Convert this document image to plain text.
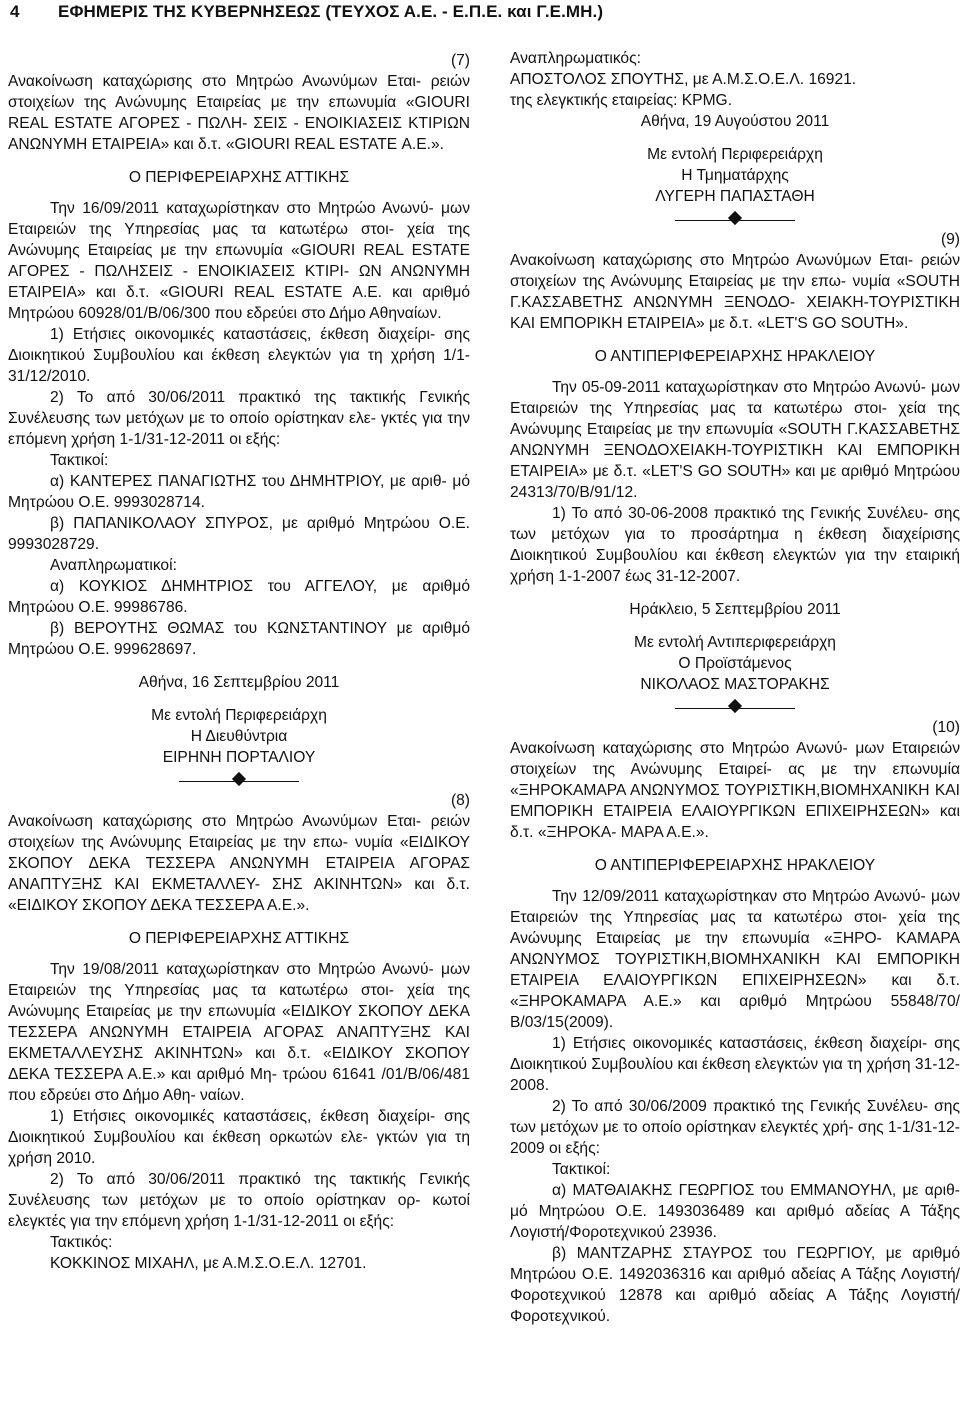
4 ΕΦΗΜΕΡΙΣ ΤΗΣ ΚΥΒΕΡΝΗΣΕΩΣ (ΤΕΥΧΟΣ Α.Ε. - Ε.Π.Ε. και Γ.Ε.ΜΗ.)

(7)

Ανακοίνωση καταχώρισης στο Μητρώο Ανωνύμων Εται- ρειών στοιχείων της Ανώνυμης Εταιρείας με την επωνυμία «GIOURI REAL ESTATE ΑΓΟΡΕΣ - ΠΩΛΗ- ΣΕΙΣ - ΕΝΟΙΚΙΑΣΕΙΣ ΚΤΙΡΙΩΝ ΑΝΩΝΥΜΗ ΕΤΑΙΡΕΙΑ» και δ.τ. «GIOURI REAL ESTATE Α.Ε.».

Ο ΠΕΡΙΦΕΡΕΙΑΡΧΗΣ ΑΤΤΙΚΗΣ

Την 16/09/2011 καταχωρίστηκαν στο Μητρώο Ανωνύ- μων Εταιρειών της Υπηρεσίας μας τα κατωτέρω στοι- χεία της Ανώνυμης Εταιρείας με την επωνυμία «GIOURI REAL ESTATE ΑΓΟΡΕΣ - ΠΩΛΗΣΕΙΣ - ΕΝΟΙΚΙΑΣΕΙΣ ΚΤΙΡΙ- ΩΝ ΑΝΩΝΥΜΗ ΕΤΑΙΡΕΙΑ» και δ.τ. «GIOURI REAL ESTATE Α.Ε. και αριθμό Μητρώου 60928/01/Β/06/300 που εδρεύει στο Δήμο Αθηναίων.

1) Ετήσιες οικονομικές καταστάσεις, έκθεση διαχείρι- σης Διοικητικού Συμβουλίου και έκθεση ελεγκτών για τη χρήση 1/1-31/12/2010.

2) Το από 30/06/2011 πρακτικό της τακτικής Γενικής Συνέλευσης των μετόχων με το οποίο ορίστηκαν ελε- γκτές για την επόμενη χρήση 1-1/31-12-2011 οι εξής:

Τακτικοί:

α) ΚΑΝΤΕΡΕΣ ΠΑΝΑΓΙΩΤΗΣ του ΔΗΜΗΤΡΙΟΥ, με αριθ- μό Μητρώου Ο.Ε. 9993028714.

β) ΠΑΠΑΝΙΚΟΛΑΟΥ ΣΠΥΡΟΣ, με αριθμό Μητρώου Ο.Ε. 9993028729.

Αναπληρωματικοί:

α) ΚΟΥΚΙΟΣ ΔΗΜΗΤΡΙΟΣ του ΑΓΓΕΛΟΥ, με αριθμό Μητρώου Ο.Ε. 99986786.

β) ΒΕΡΟΥΤΗΣ ΘΩΜΑΣ του ΚΩΝΣΤΑΝΤΙΝΟΥ με αριθμό Μητρώου Ο.Ε. 999628697.

Αθήνα, 16 Σεπτεμβρίου 2011

Με εντολή Περιφερειάρχη

Η Διευθύντρια

ΕΙΡΗΝΗ ΠΟΡΤΑΛΙΟΥ

(8)

Ανακοίνωση καταχώρισης στο Μητρώο Ανωνύμων Εται- ρειών στοιχείων της Ανώνυμης Εταιρείας με την επω- νυμία «ΕΙΔΙΚΟΥ ΣΚΟΠΟΥ ΔΕΚΑ ΤΕΣΣΕΡΑ ΑΝΩΝΥΜΗ ΕΤΑΙΡΕΙΑ ΑΓΟΡΑΣ ΑΝΑΠΤΥΞΗΣ ΚΑΙ ΕΚΜΕΤΑΛΛΕΥ- ΣΗΣ ΑΚΙΝΗΤΩΝ» και δ.τ. «ΕΙΔΙΚΟΥ ΣΚΟΠΟΥ ΔΕΚΑ ΤΕΣΣΕΡΑ Α.Ε.».

Ο ΠΕΡΙΦΕΡΕΙΑΡΧΗΣ ΑΤΤΙΚΗΣ

Την 19/08/2011 καταχωρίστηκαν στο Μητρώο Ανωνύ- μων Εταιρειών της Υπηρεσίας μας τα κατωτέρω στοι- χεία της Ανώνυμης Εταιρείας με την επωνυμία «ΕΙΔΙΚΟΥ ΣΚΟΠΟΥ ΔΕΚΑ ΤΕΣΣΕΡΑ ΑΝΩΝΥΜΗ ΕΤΑΙΡΕΙΑ ΑΓΟΡΑΣ ΑΝΑΠΤΥΞΗΣ ΚΑΙ ΕΚΜΕΤΑΛΛΕΥΣΗΣ ΑΚΙΝΗΤΩΝ» και δ.τ. «ΕΙΔΙΚΟΥ ΣΚΟΠΟΥ ΔΕΚΑ ΤΕΣΣΕΡΑ Α.Ε.» και αριθμό Μη- τρώου 61641 /01/Β/06/481 που εδρεύει στο Δήμο Αθη- ναίων.

1) Ετήσιες οικονομικές καταστάσεις, έκθεση διαχείρι- σης Διοικητικού Συμβουλίου και έκθεση ορκωτών ελε- γκτών για τη χρήση 2010.

2) Το από 30/06/2011 πρακτικό της τακτικής Γενικής Συνέλευσης των μετόχων με το οποίο ορίστηκαν ορ- κωτοί ελεγκτές για την επόμενη χρήση 1-1/31-12-2011 οι εξής:

Τακτικός:

ΚΟΚΚΙΝΟΣ ΜΙΧΑΗΛ, με Α.Μ.Σ.Ο.Ε.Λ. 12701.

Αναπληρωματικός:

ΑΠΟΣΤΟΛΟΣ ΣΠΟΥΤΗΣ, με Α.Μ.Σ.Ο.Ε.Λ. 16921.

της ελεγκτικής εταιρείας: KPMG.

Αθήνα, 19 Αυγούστου 2011

Με εντολή Περιφερειάρχη

Η Τμηματάρχης

ΛΥΓΕΡΗ ΠΑΠΑΣΤΑΘΗ

(9)

Ανακοίνωση καταχώρισης στο Μητρώο Ανωνύμων Εται- ρειών στοιχείων της Ανώνυμης Εταιρείας με την επω- νυμία «SOUTH Γ.ΚΑΣΣΑΒΕΤΗΣ ΑΝΩΝΥΜΗ ΞΕΝΟΔΟ- ΧΕΙΑΚΗ-ΤΟΥΡΙΣΤΙΚΗ ΚΑΙ ΕΜΠΟΡΙΚΗ ΕΤΑΙΡΕΙΑ» με δ.τ. «LET'S GO SOUTH».

Ο ΑΝΤΙΠΕΡΙΦΕΡΕΙΑΡΧΗΣ ΗΡΑΚΛΕΙΟΥ

Την 05-09-2011 καταχωρίστηκαν στο Μητρώο Ανωνύ- μων Εταιρειών της Υπηρεσίας μας τα κατωτέρω στοι- χεία της Ανώνυμης Εταιρείας με την επωνυμία «SOUTH Γ.ΚΑΣΣΑΒΕΤΗΣ ΑΝΩΝΥΜΗ ΞΕΝΟΔΟΧΕΙΑΚΗ-ΤΟΥΡΙΣΤΙΚΗ ΚΑΙ ΕΜΠΟΡΙΚΗ ΕΤΑΙΡΕΙΑ» με δ.τ. «LET'S GO SOUTH» και με αριθμό Μητρώου 24313/70/Β/91/12.

1) Το από 30-06-2008 πρακτικό της Γενικής Συνέλευ- σης των μετόχων για το προσάρτημα η έκθεση διαχείρισης Διοικητικού Συμβουλίου και έκθεση ελεγκτών για την εταιρική χρήση 1-1-2007 έως 31-12-2007.

Ηράκλειο, 5 Σεπτεμβρίου 2011

Με εντολή Αντιπεριφερειάρχη

Ο Προϊστάμενος

ΝΙΚΟΛΑΟΣ ΜΑΣΤΟΡΑΚΗΣ

(10)

Ανακοίνωση καταχώρισης στο Μητρώο Ανωνύ- μων Εταιρειών στοιχείων της Ανώνυμης Εταιρεί- ας με την επωνυμία «ΞΗΡΟΚΑΜΑΡΑ ΑΝΩΝΥΜΟΣ ΤΟΥΡΙΣΤΙΚΗ,ΒΙΟΜΗΧΑΝΙΚΗ ΚΑΙ ΕΜΠΟΡΙΚΗ ΕΤΑΙΡΕΙΑ ΕΛΑΙΟΥΡΓΙΚΩΝ ΕΠΙΧΕΙΡΗΣΕΩΝ» και δ.τ. «ΞΗΡΟΚΑ- ΜΑΡΑ Α.Ε.».

Ο ΑΝΤΙΠΕΡΙΦΕΡΕΙΑΡΧΗΣ ΗΡΑΚΛΕΙΟΥ

Την 12/09/2011 καταχωρίστηκαν στο Μητρώο Ανωνύ- μων Εταιρειών της Υπηρεσίας μας τα κατωτέρω στοι- χεία της Ανώνυμης Εταιρείας με την επωνυμία «ΞΗΡΟ- ΚΑΜΑΡΑ ΑΝΩΝΥΜΟΣ ΤΟΥΡΙΣΤΙΚΗ,ΒΙΟΜΗΧΑΝΙΚΗ ΚΑΙ ΕΜΠΟΡΙΚΗ ΕΤΑΙΡΕΙΑ ΕΛΑΙΟΥΡΓΙΚΩΝ ΕΠΙΧΕΙΡΗΣΕΩΝ» και δ.τ. «ΞΗΡΟΚΑΜΑΡΑ Α.Ε.» και αριθμό Μητρώου 55848/70/ Β/03/15(2009).

1) Ετήσιες οικονομικές καταστάσεις, έκθεση διαχείρι- σης Διοικητικού Συμβουλίου και έκθεση ελεγκτών για τη χρήση 31-12-2008.

2) Το από 30/06/2009 πρακτικό της Γενικής Συνέλευ- σης των μετόχων με το οποίο ορίστηκαν ελεγκτές χρή- σης 1-1/31-12-2009 οι εξής:

Τακτικοί:

α) ΜΑΤΘΑΙΑΚΗΣ ΓΕΩΡΓΙΟΣ του ΕΜΜΑΝΟΥΗΛ, με αριθ- μό Μητρώου Ο.Ε. 1493036489 και αριθμό αδείας Α Τάξης Λογιστή/Φοροτεχνικού 23936.

β) ΜΑΝΤΖΑΡΗΣ ΣΤΑΥΡΟΣ του ΓΕΩΡΓΙΟΥ, με αριθμό Μητρώου Ο.Ε. 1492036316 και αριθμό αδείας Α Τάξης Λογιστή/Φοροτεχνικού 12878 και αριθμό αδείας Α Τάξης Λογιστή/Φοροτεχνικού.
